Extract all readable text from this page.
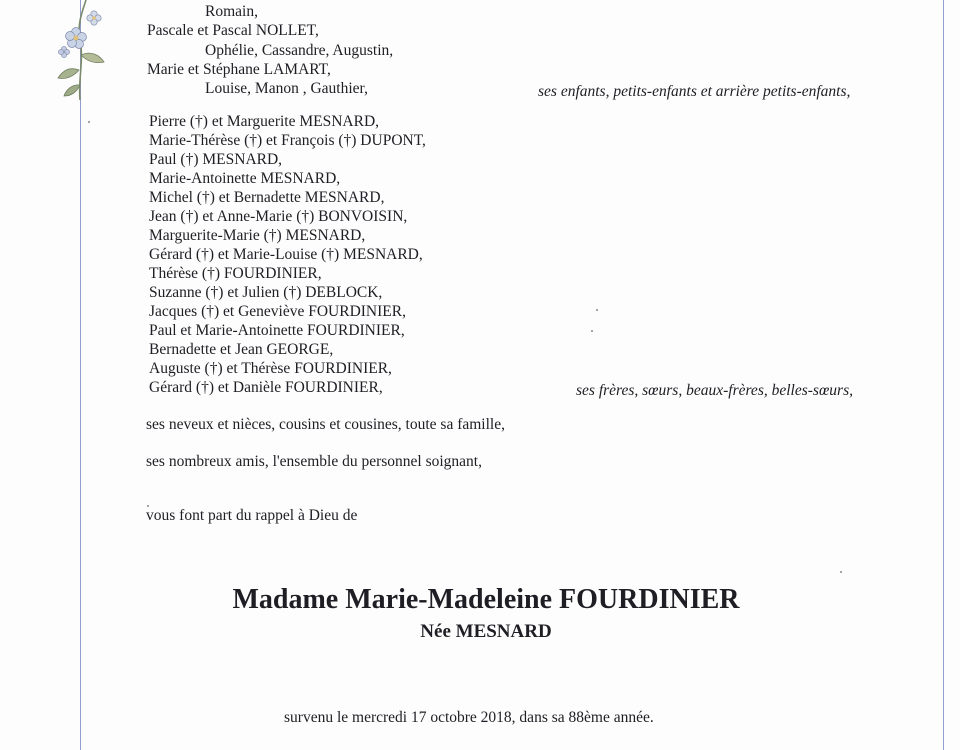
Romain,
Pascale et Pascal NOLLET,
Ophélie, Cassandre, Augustin,
Marie et Stéphane LAMART,
Louise, Manon , Gauthier,	ses enfants, petits-enfants et arrière petits-enfants,
Pierre (†) et Marguerite MESNARD,
Marie-Thérèse (†) et François (†) DUPONT,
Paul (†) MESNARD,
Marie-Antoinette MESNARD,
Michel (†) et Bernadette MESNARD,
Jean (†) et Anne-Marie (†) BONVOISIN,
Marguerite-Marie (†) MESNARD,
Gérard (†) et Marie-Louise (†) MESNARD,
Thérèse (†) FOURDINIER,
Suzanne (†) et Julien (†) DEBLOCK,
Jacques (†) et Geneviève FOURDINIER,
Paul et Marie-Antoinette FOURDINIER,
Bernadette et Jean GEORGE,
Auguste (†) et Thérèse FOURDINIER,
Gérard (†) et Danièle FOURDINIER,	ses frères, sœurs, beaux-frères, belles-sœurs,
ses neveux et nièces, cousins et cousines, toute sa famille,
ses nombreux amis, l'ensemble du personnel soignant,
vous font part du rappel à Dieu de
Madame Marie-Madeleine FOURDINIER
Née MESNARD
survenu le mercredi 17 octobre 2018, dans sa 88ème année.
